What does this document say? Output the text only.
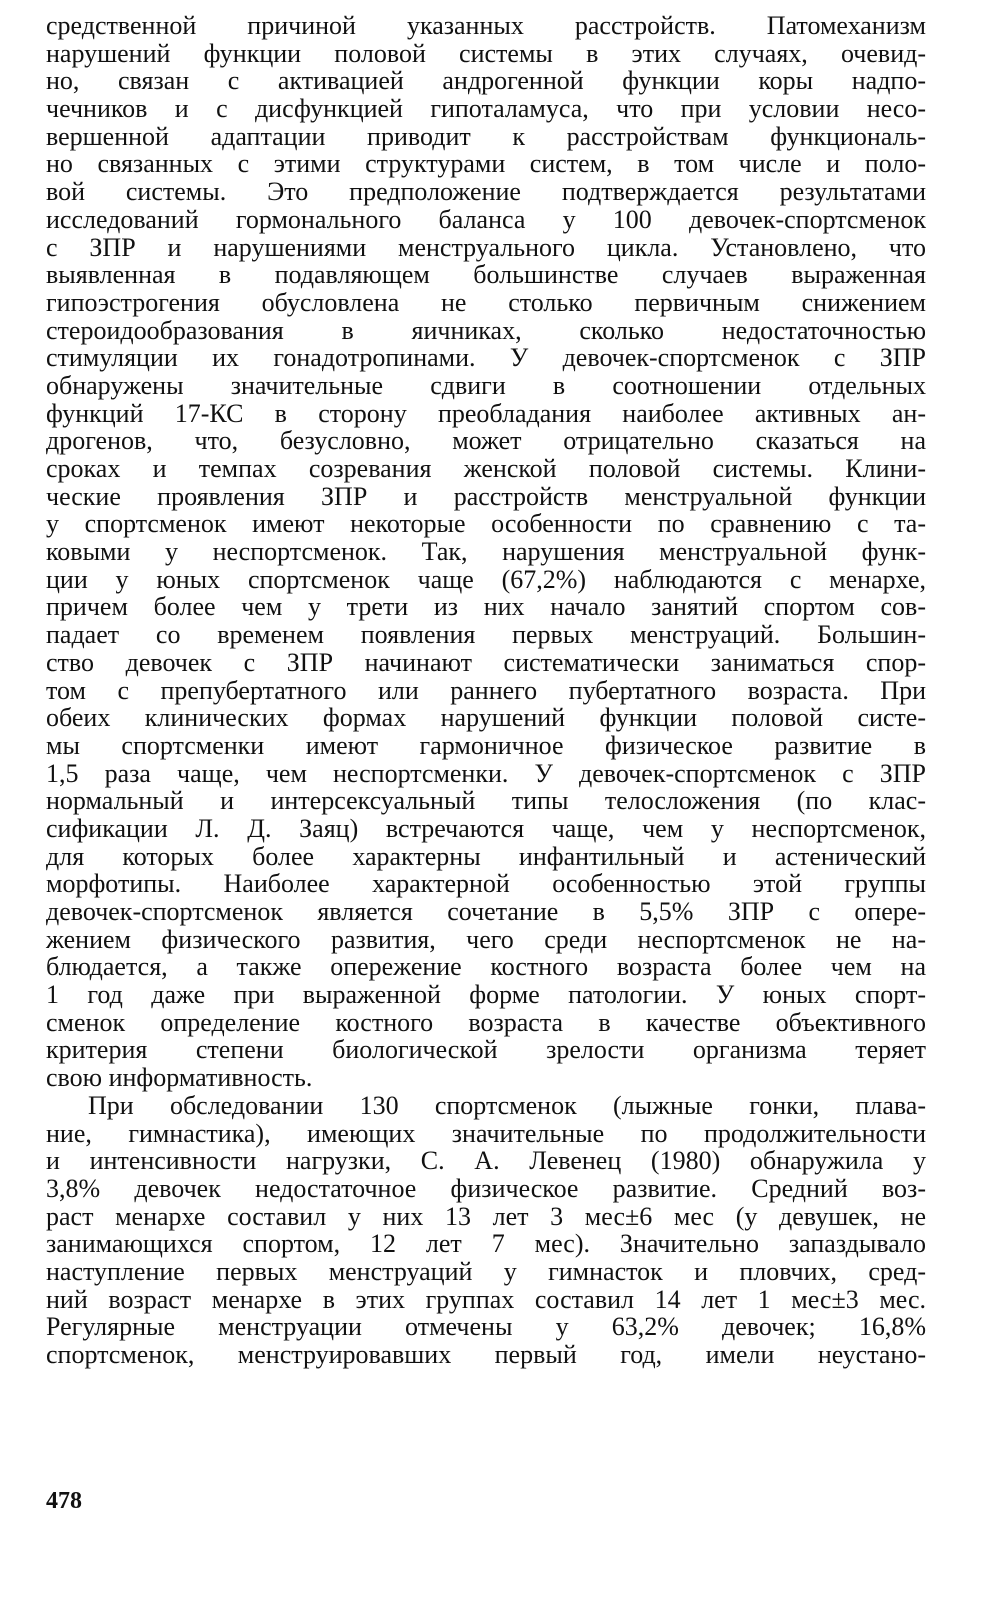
средственной причиной указанных расстройств. Патомеханизм
нарушений функции половой системы в этих случаях, очевид-
но, связан с активацией андрогенной функции коры надпо-
чечников и с дисфункцией гипоталамуса, что при условии несо-
вершенной адаптации приводит к расстройствам функциональ-
но связанных с этими структурами систем, в том числе и поло-
вой системы. Это предположение подтверждается результатами
исследований гормонального баланса у 100 девочек-спортсменок
с ЗПР и нарушениями менструального цикла. Установлено, что
выявленная в подавляющем большинстве случаев выраженная
гипоэстрогения обусловлена не столько первичным снижением
стероидообразования в яичниках, сколько недостаточностью
стимуляции их гонадотропинами. У девочек-спортсменок с ЗПР
обнаружены значительные сдвиги в соотношении отдельных
функций 17-КС в сторону преобладания наиболее активных ан-
дрогенов, что, безусловно, может отрицательно сказаться на
сроках и темпах созревания женской половой системы. Клини-
ческие проявления ЗПР и расстройств менструальной функции
у спортсменок имеют некоторые особенности по сравнению с та-
ковыми у неспортсменок. Так, нарушения менструальной функ-
ции у юных спортсменок чаще (67,2%) наблюдаются с менархе,
причем более чем у трети из них начало занятий спортом сов-
падает со временем появления первых менструаций. Большин-
ство девочек с ЗПР начинают систематически заниматься спор-
том с препубертатного или раннего пубертатного возраста. При
обеих клинических формах нарушений функции половой систе-
мы спортсменки имеют гармоничное физическое развитие в
1,5 раза чаще, чем неспортсменки. У девочек-спортсменок с ЗПР
нормальный и интерсексуальный типы телосложения (по клас-
сификации Л. Д. Заяц) встречаются чаще, чем у неспортсменок,
для которых более характерны инфантильный и астенический
морфотипы. Наиболее характерной особенностью этой группы
девочек-спортсменок является сочетание в 5,5% ЗПР с опере-
жением физического развития, чего среди неспортсменок не на-
блюдается, а также опережение костного возраста более чем на
1 год даже при выраженной форме патологии. У юных спорт-
сменок определение костного возраста в качестве объективного
критерия степени биологической зрелости организма теряет
свою информативность.
При обследовании 130 спортсменок (лыжные гонки, плава-
ние, гимнастика), имеющих значительные по продолжительности
и интенсивности нагрузки, С. А. Левенец (1980) обнаружила у
3,8% девочек недостаточное физическое развитие. Средний воз-
раст менархе составил у них 13 лет 3 мес±6 мес (у девушек, не
занимающихся спортом, 12 лет 7 мес). Значительно запаздывало
наступление первых менструаций у гимнасток и пловчих, сред-
ний возраст менархе в этих группах составил 14 лет 1 мес±3 мес.
Регулярные менструации отмечены у 63,2% девочек; 16,8%
спортсменок, менструировавших первый год, имели неустано-
478
